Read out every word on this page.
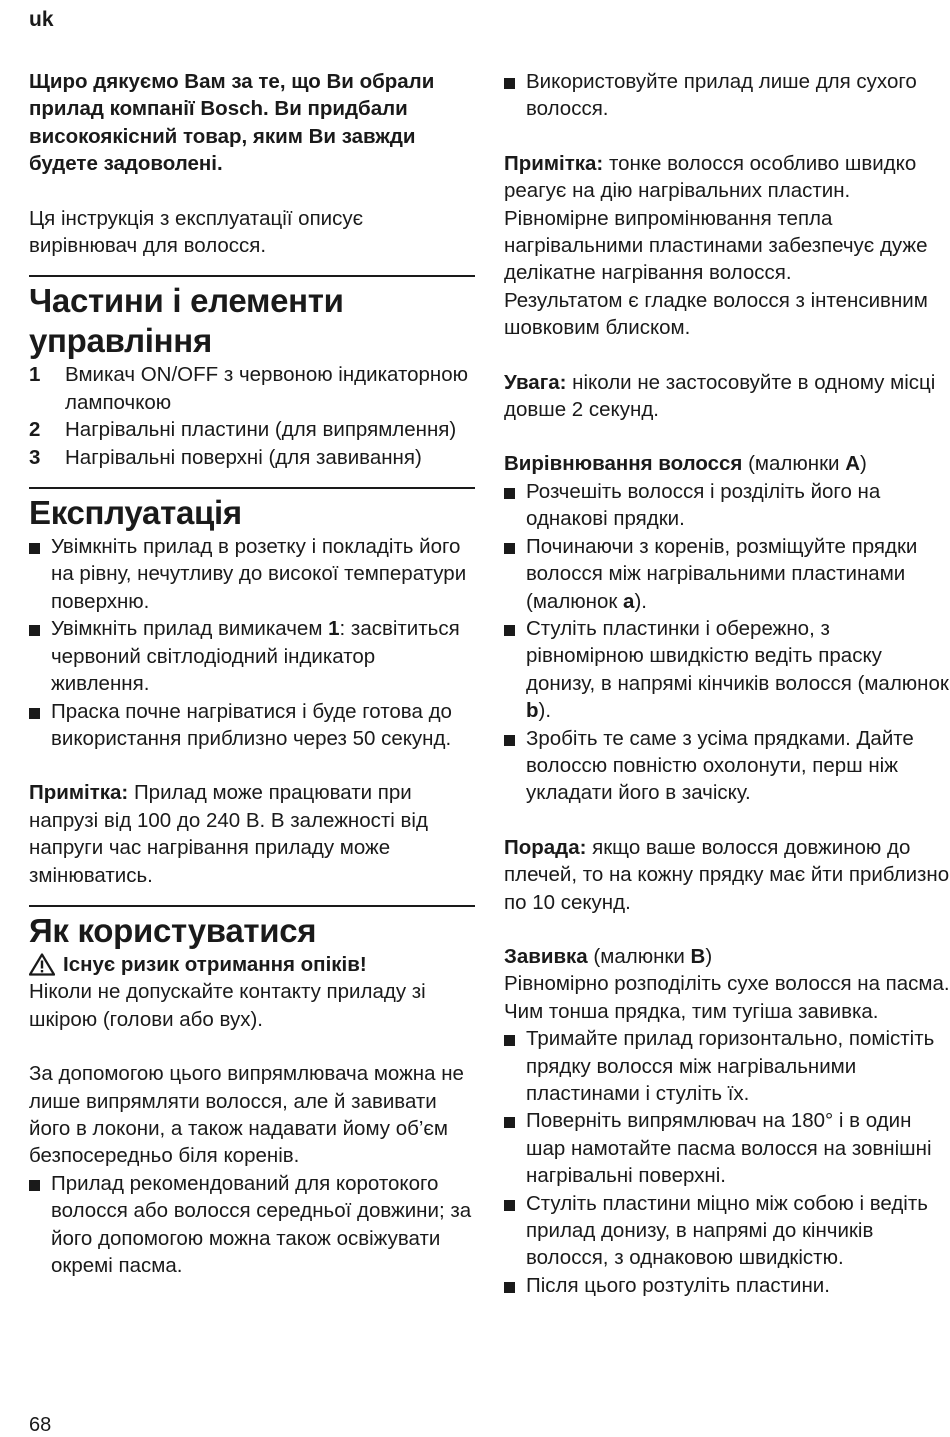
uk

Щиро дякуємо Вам за те, що Ви обрали прилад компанії Bosch. Ви придбали високоякісний товар, яким Ви завжди будете задоволені.

Ця інструкція з експлуатації описує вирівнювач для волосся.

Частини і елементи управління
1 Вмикач ON/OFF з червоною індикаторною лампочкою
2 Нагрівальні пластини (для випрямлення)
3 Нагрівальні поверхні (для завивання)
Експлуатація
Увімкніть прилад в розетку і покладіть його на рівну, нечутливу до високої температури поверхню.
Увімкніть прилад вимикачем 1: засвітиться червоний світлодіодний індикатор живлення.
Праска почне нагріватися і буде готова до використання приблизно через 50 секунд.

Примітка: Прилад може працювати при напрузі від 100 до 240 В. В залежності від напруги час нагрівання приладу може змінюватись.

Як користуватися
Існує ризик отримання опіків!

Ніколи не допускайте контакту приладу зі шкірою (голови або вух).

За допомогою цього випрямлювача можна не лише випрямляти волосся, але й завивати його в локони, а також надавати йому об’єм безпосередньо біля коренів.

Прилад рекомендований для коротокого волосся або волосся середньої довжини; за його допомогою можна також освіжувати окремі пасма.
Використовуйте прилад лише для сухого волосся.

Примітка: тонке волосся особливо швидко реагує на дію нагрівальних пластин.

Рівномірне випромінювання тепла нагрівальними пластинами забезпечує дуже делікатне нагрівання волосся.

Результатом є гладке волосся з інтенсивним шовковим блиском.

Увага: ніколи не застосовуйте в одному місці довше 2 секунд.

Вирівнювання волосся (малюнки A)

Розчешіть волосся і розділіть його на однакові прядки.
Починаючи з коренів, розміщуйте прядки волосся між нагрівальними пластинами (малюнок a).
Стуліть пластинки і обережно, з рівномірною швидкістю ведіть праску донизу, в напрямі кінчиків волосся (малюнок b).
Зробіть те саме з усіма прядками. Дайте волоссю повністю охолонути, перш ніж укладати його в зачіску.

Порада: якщо ваше волосся довжиною до плечей, то на кожну прядку має йти приблизно по 10 секунд.

Завивка (малюнки B)

Рівномірно розподіліть сухе волосся на пасма. Чим тонша прядка, тим тугіша завивка.

Тримайте прилад горизонтально, помістіть прядку волосся між нагрівальними пластинами і стуліть їх.
Поверніть випрямлювач на 180° і в один шар намотайте пасма волосся на зовнішні нагрівальні поверхні.
Стуліть пластини міцно між собою і ведіть прилад донизу, в напрямі до кінчиків волосся, з однаковою швидкістю.
Після цього розтуліть пластини.
68
